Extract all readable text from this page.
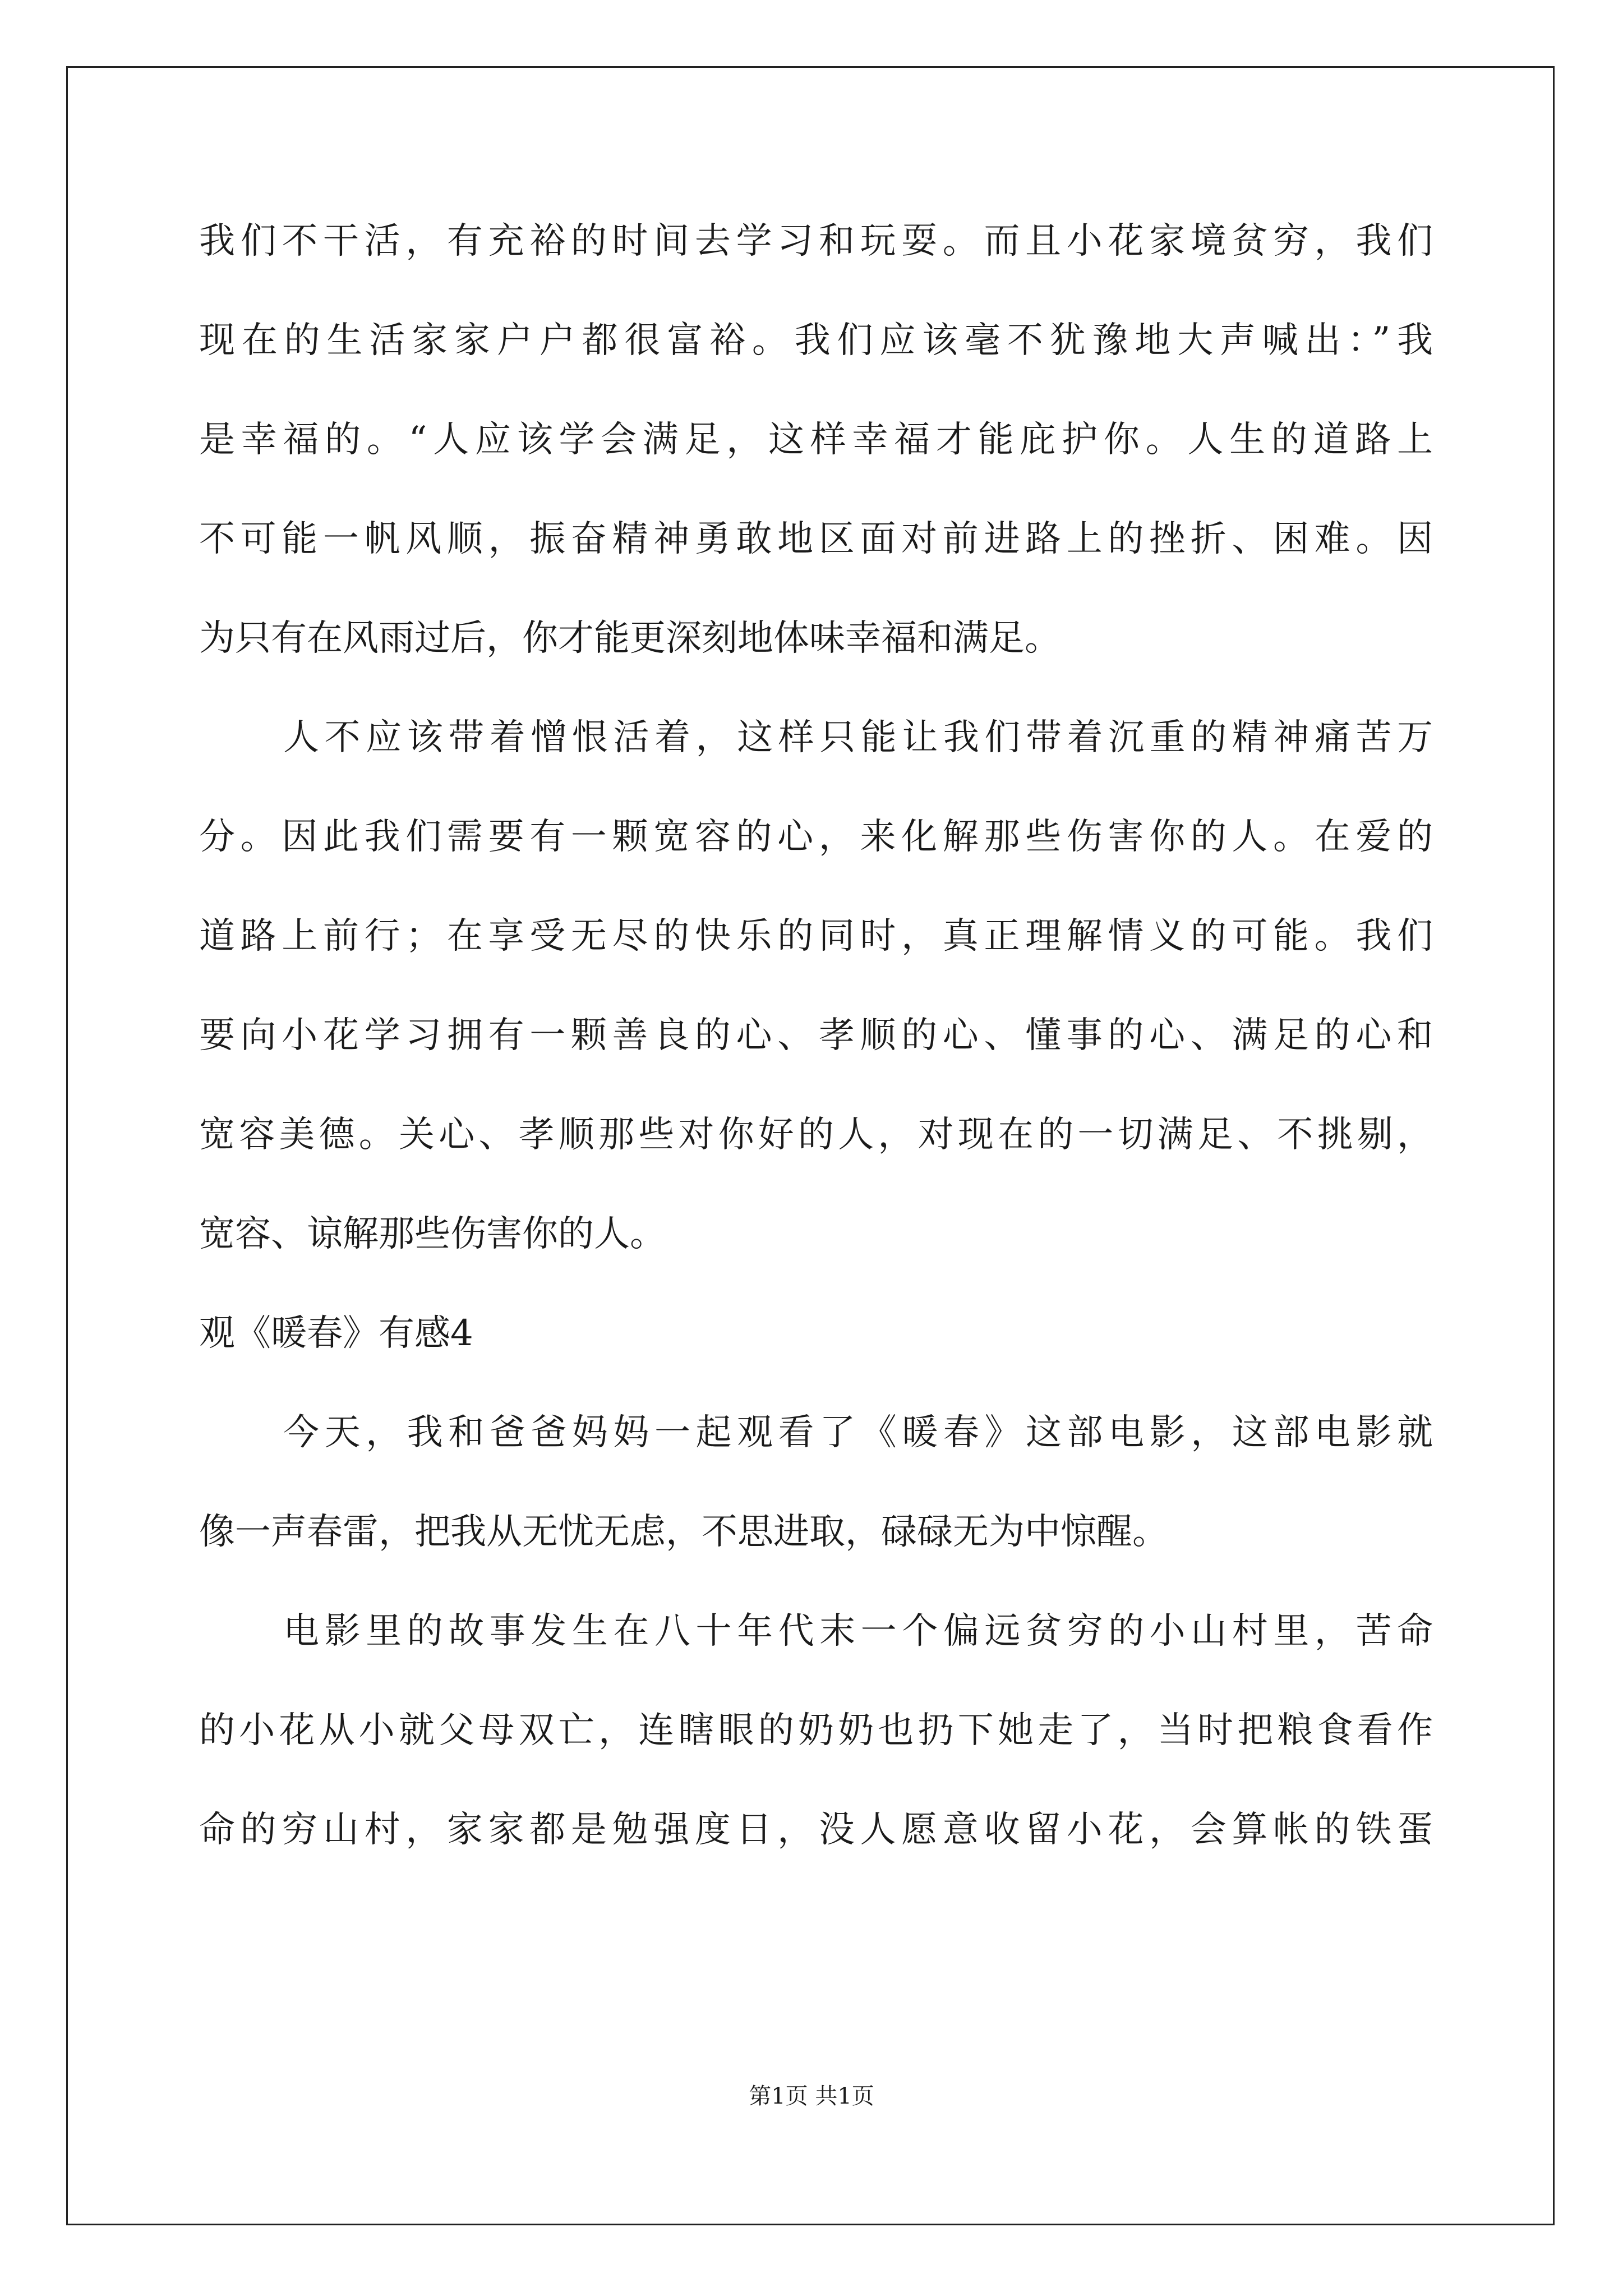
我们不干活，有充裕的时间去学习和玩耍。而且小花家境贫穷，我们
现在的生活家家户户都很富裕。我们应该毫不犹豫地大声喊出：”我
是幸福的。“人应该学会满足，这样幸福才能庇护你。人生的道路上
不可能一帆风顺，振奋精神勇敢地区面对前进路上的挫折、困难。因
为只有在风雨过后，你才能更深刻地体味幸福和满足。
人不应该带着憎恨活着，这样只能让我们带着沉重的精神痛苦万
分。因此我们需要有一颗宽容的心，来化解那些伤害你的人。在爱的
道路上前行；在享受无尽的快乐的同时，真正理解情义的可能。我们
要向小花学习拥有一颗善良的心、孝顺的心、懂事的心、满足的心和
宽容美德。关心、孝顺那些对你好的人，对现在的一切满足、不挑剔，
宽容、谅解那些伤害你的人。
观《暖春》有感4
今天，我和爸爸妈妈一起观看了《暖春》这部电影，这部电影就
像一声春雷，把我从无忧无虑，不思进取，碌碌无为中惊醒。
电影里的故事发生在八十年代末一个偏远贫穷的小山村里，苦命
的小花从小就父母双亡，连瞎眼的奶奶也扔下她走了，当时把粮食看作
命的穷山村，家家都是勉强度日，没人愿意收留小花，会算帐的铁蛋
第1页 共1页
